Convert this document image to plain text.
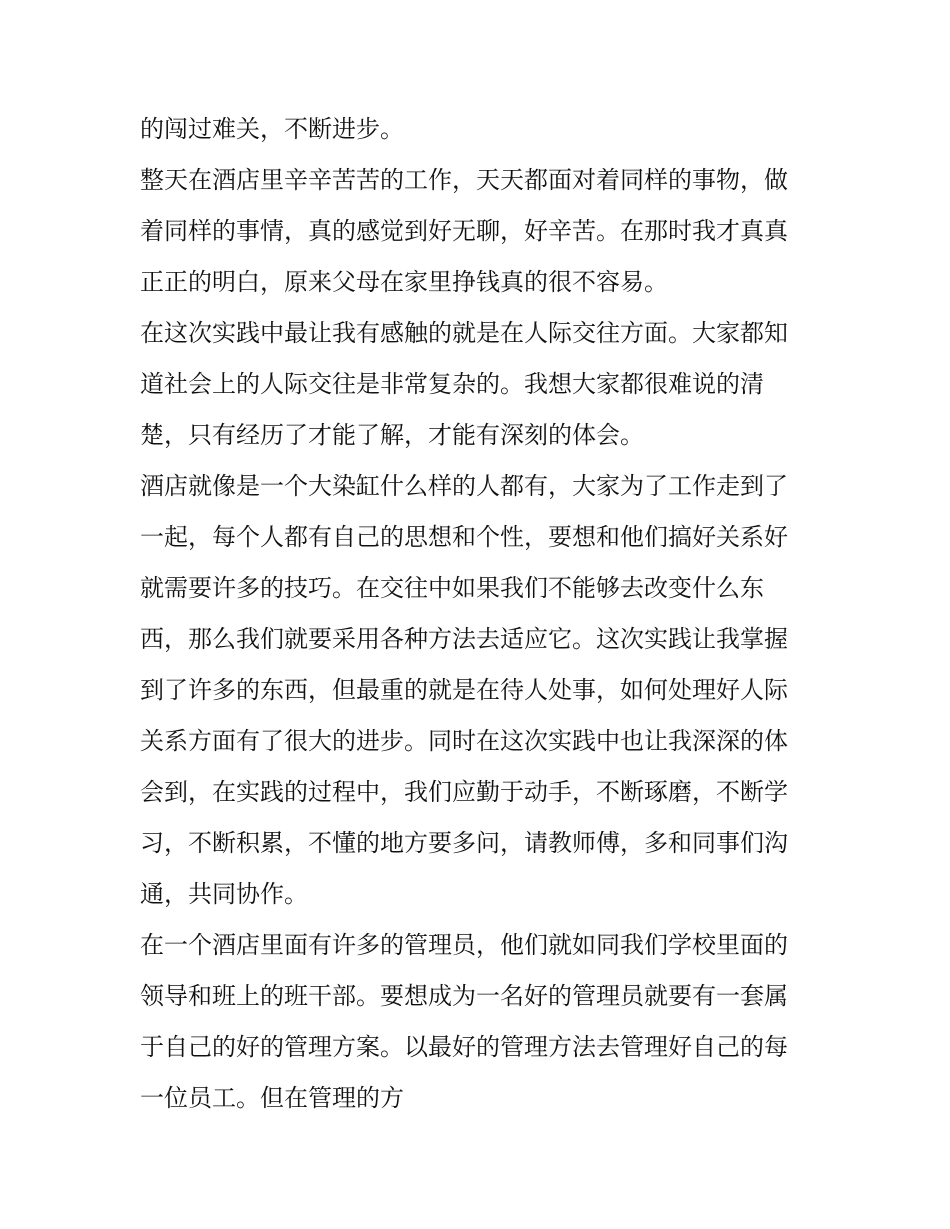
的闯过难关，不断进步。
整天在酒店里辛辛苦苦的工作，天天都面对着同样的事物，做
着同样的事情，真的感觉到好无聊，好辛苦。在那时我才真真
正正的明白，原来父母在家里挣钱真的很不容易。
在这次实践中最让我有感触的就是在人际交往方面。大家都知
道社会上的人际交往是非常复杂的。我想大家都很难说的清
楚，只有经历了才能了解，才能有深刻的体会。
酒店就像是一个大染缸什么样的人都有，大家为了工作走到了
一起，每个人都有自己的思想和个性，要想和他们搞好关系好
就需要许多的技巧。在交往中如果我们不能够去改变什么东
西，那么我们就要采用各种方法去适应它。这次实践让我掌握
到了许多的东西，但最重的就是在待人处事，如何处理好人际
关系方面有了很大的进步。同时在这次实践中也让我深深的体
会到，在实践的过程中，我们应勤于动手，不断琢磨，不断学
习，不断积累，不懂的地方要多问，请教师傅，多和同事们沟
通，共同协作。
在一个酒店里面有许多的管理员，他们就如同我们学校里面的
领导和班上的班干部。要想成为一名好的管理员就要有一套属
于自己的好的管理方案。以最好的管理方法去管理好自己的每
一位员工。但在管理的方
